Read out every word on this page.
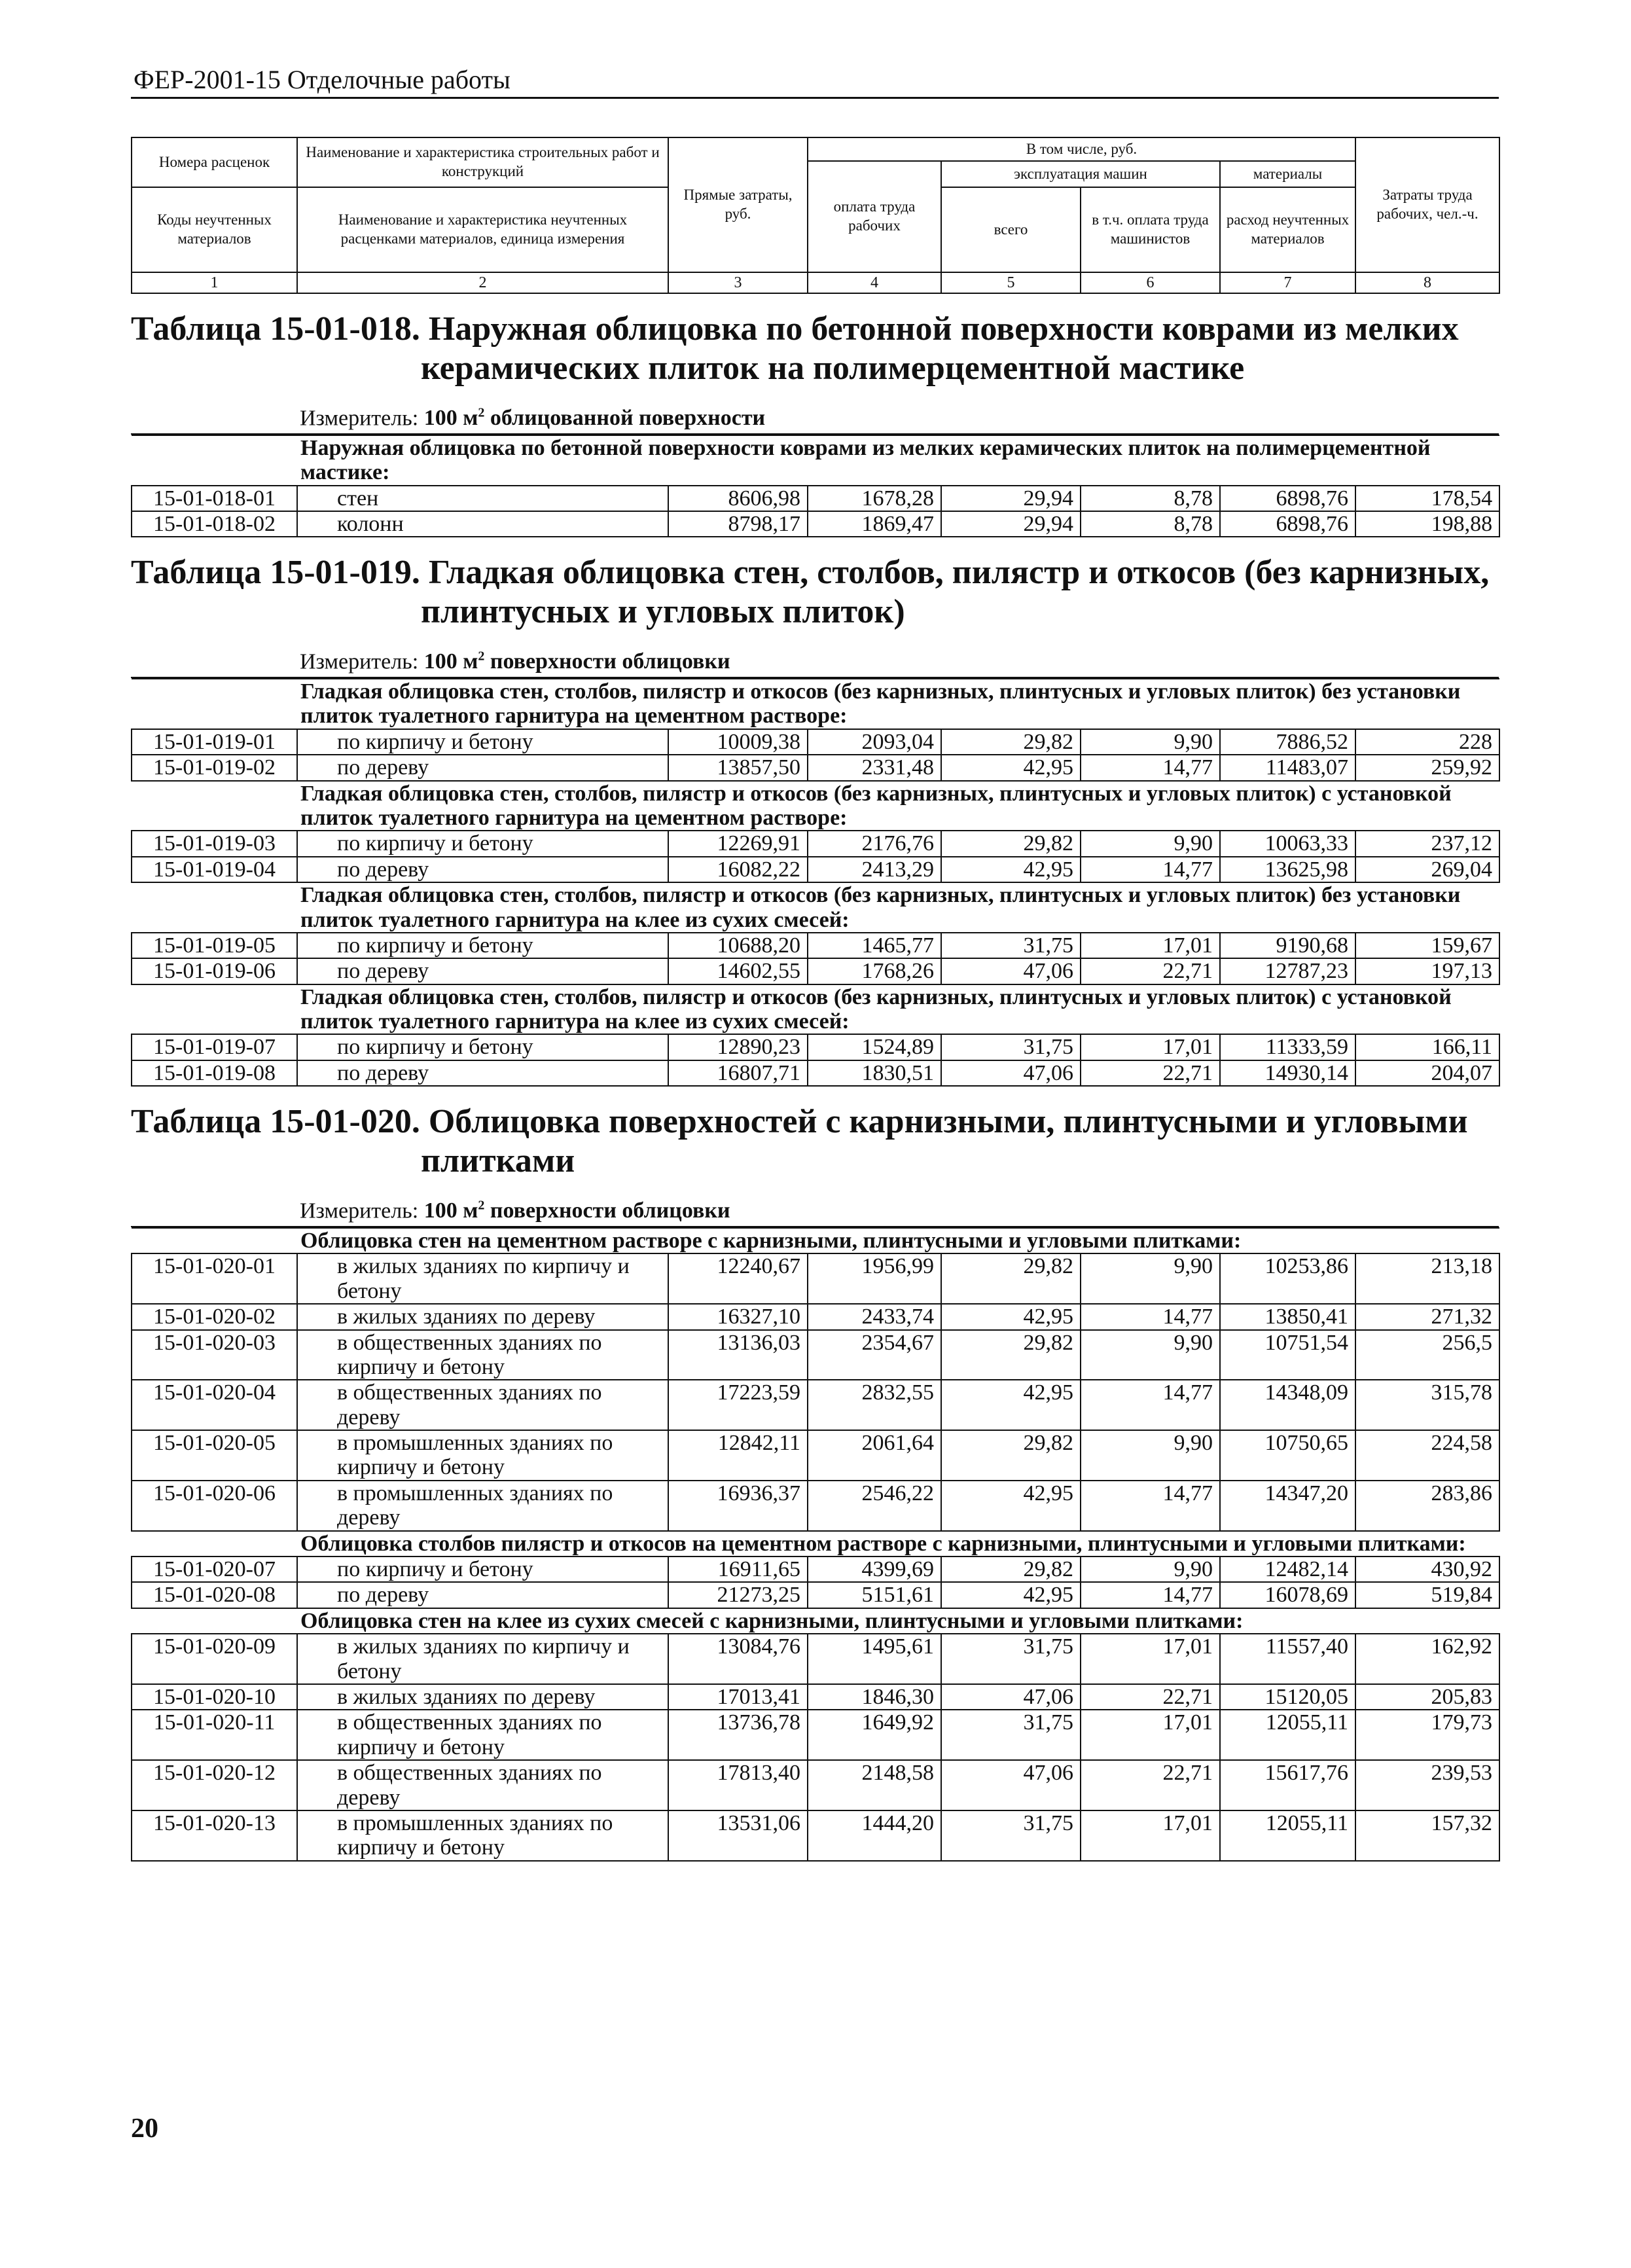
ФЕР-2001-15 Отделочные работы
Номера расценок	Наименование и характеристика строительных работ и конструкций	Прямые затраты, руб.	В том числе, руб.				Затраты труда рабочих, чел.-ч.
			оплата труда рабочих	эксплуатация машин		материалы	
Коды неучтенных материалов	Наименование и характеристика неучтенных расценками материалов, единица измерения			всего	в т.ч. оплата труда машинистов	расход неучтенных материалов	

1	2	3	4	5	6	7	8
Таблица 15-01-018. Наружная облицовка по бетонной поверхности коврами из мелких
керамических плиток на полимерцементной мастике
Измеритель: 100 $м^2$ облицованной поверхности
Наружная облицовка по бетонной поверхности коврами из мелких керамических плиток на полимерцементной мастике:							
15-01-018-01	стен	8606,98	1678,28	29,94	8,78	6898,76	178,54
15-01-018-02	колонн	8798,17	1869,47	29,94	8,78	6898,76	198,88
Таблица 15-01-019. Гладкая облицовка стен, столбов, пилястр и откосов (без карнизных,
плинтусных и угловых плиток)
Измеритель: 100 $м^2$ поверхности облицовки
Гладкая облицовка стен, столбов, пилястр и откосов (без карнизных, плинтусных и угловых плиток) без установки плиток туалетного гарнитура на цементном растворе:							
15-01-019-01	по кирпичу и бетону	10009,38	2093,04	29,82	9,90	7886,52	228
15-01-019-02	по дереву	13857,50	2331,48	42,95	14,77	11483,07	259,92
Гладкая облицовка стен, столбов, пилястр и откосов (без карнизных, плинтусных и угловых плиток) с установкой плиток туалетного гарнитура на цементном растворе:							
15-01-019-03	по кирпичу и бетону	12269,91	2176,76	29,82	9,90	10063,33	237,12
15-01-019-04	по дереву	16082,22	2413,29	42,95	14,77	13625,98	269,04
Гладкая облицовка стен, столбов, пилястр и откосов (без карнизных, плинтусных и угловых плиток) без установки плиток туалетного гарнитура на клее из сухих смесей:							
15-01-019-05	по кирпичу и бетону	10688,20	1465,77	31,75	17,01	9190,68	159,67
15-01-019-06	по дереву	14602,55	1768,26	47,06	22,71	12787,23	197,13
Гладкая облицовка стен, столбов, пилястр и откосов (без карнизных, плинтусных и угловых плиток) с установкой плиток туалетного гарнитура на клее из сухих смесей:							
15-01-019-07	по кирпичу и бетону	12890,23	1524,89	31,75	17,01	11333,59	166,11
15-01-019-08	по дереву	16807,71	1830,51	47,06	22,71	14930,14	204,07
Таблица 15-01-020. Облицовка поверхностей с карнизными, плинтусными и угловыми
плитками
Измеритель: 100 $м^2$ поверхности облицовки
Облицовка стен на цементном растворе с карнизными, плинтусными и угловыми плитками:							
15-01-020-01	в жилых зданиях по кирпичу и бетону	12240,67	1956,99	29,82	9,90	10253,86	213,18
15-01-020-02	в жилых зданиях по дереву	16327,10	2433,74	42,95	14,77	13850,41	271,32
15-01-020-03	в общественных зданиях по кирпичу и бетону	13136,03	2354,67	29,82	9,90	10751,54	256,5
15-01-020-04	в общественных зданиях по дереву	17223,59	2832,55	42,95	14,77	14348,09	315,78
15-01-020-05	в промышленных зданиях по кирпичу и бетону	12842,11	2061,64	29,82	9,90	10750,65	224,58
15-01-020-06	в промышленных зданиях по дереву	16936,37	2546,22	42,95	14,77	14347,20	283,86
Облицовка столбов пилястр и откосов на цементном растворе с карнизными, плинтусными и угловыми плитками:							
15-01-020-07	по кирпичу и бетону	16911,65	4399,69	29,82	9,90	12482,14	430,92
15-01-020-08	по дереву	21273,25	5151,61	42,95	14,77	16078,69	519,84
Облицовка стен на клее из сухих смесей с карнизными, плинтусными и угловыми плитками:							
15-01-020-09	в жилых зданиях по кирпичу и бетону	13084,76	1495,61	31,75	17,01	11557,40	162,92
15-01-020-10	в жилых зданиях по дереву	17013,41	1846,30	47,06	22,71	15120,05	205,83
15-01-020-11	в общественных зданиях по кирпичу и бетону	13736,78	1649,92	31,75	17,01	12055,11	179,73
15-01-020-12	в общественных зданиях по дереву	17813,40	2148,58	47,06	22,71	15617,76	239,53
15-01-020-13	в промышленных зданиях по кирпичу и бетону	13531,06	1444,20	31,75	17,01	12055,11	157,32
20
